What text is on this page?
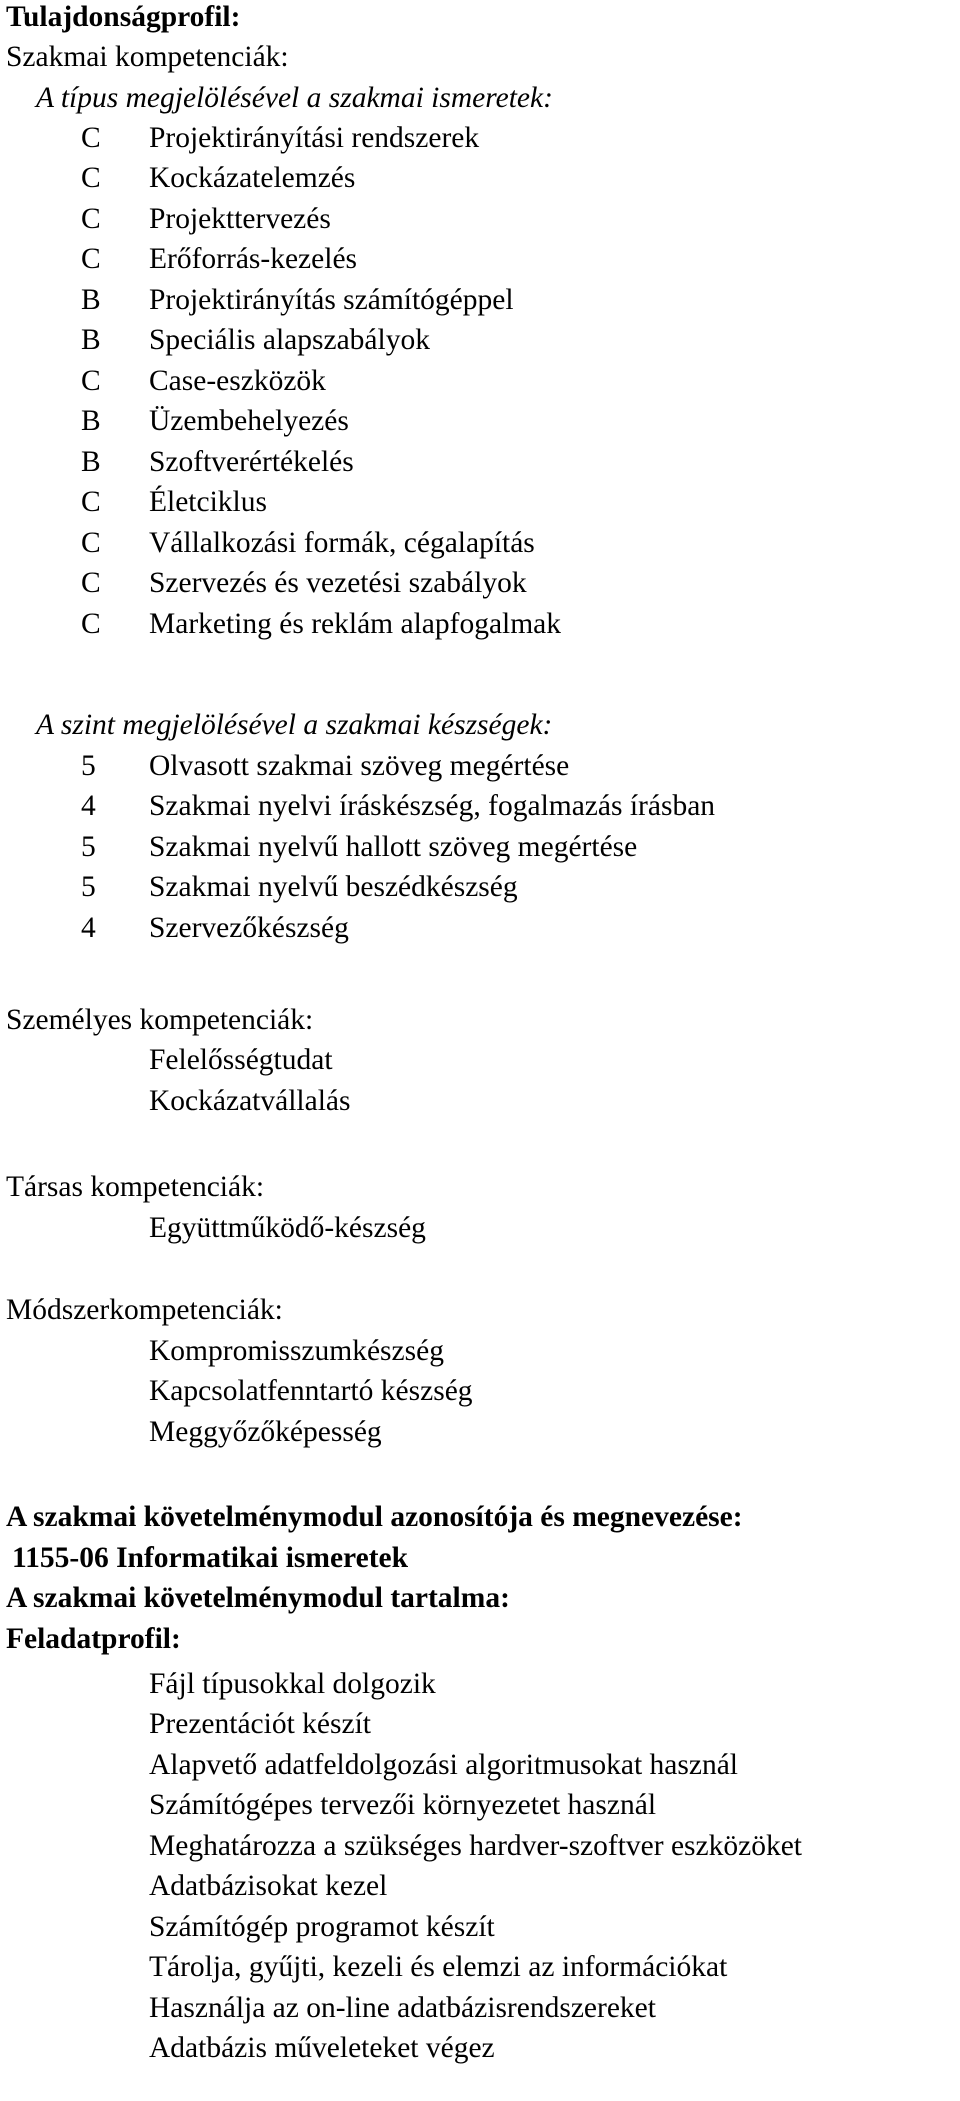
Tulajdonságprofil:
Szakmai kompetenciák:
A típus megjelölésével a szakmai ismeretek:
C	Projektirányítási rendszerek
C	Kockázatelemzés
C	Projekttervezés
C	Erőforrás-kezelés
B	Projektirányítás számítógéppel
B	Speciális alapszabályok
C	Case-eszközök
B	Üzembehelyezés
B	Szoftverértékelés
C	Életciklus
C	Vállalkozási formák, cégalapítás
C	Szervezés és vezetési szabályok
C	Marketing és reklám alapfogalmak
A szint megjelölésével a szakmai készségek:
5	Olvasott szakmai szöveg megértése
4	Szakmai nyelvi íráskészség, fogalmazás írásban
5	Szakmai nyelvű hallott szöveg megértése
5	Szakmai nyelvű beszédkészség
4	Szervezőkészség
Személyes kompetenciák:
Felelősségtudat
Kockázatvállalás
Társas kompetenciák:
Együttműködő-készség
Módszerkompetenciák:
Kompromisszumkészség
Kapcsolatfenntartó készség
Meggyőzőképesség
A szakmai követelménymodul azonosítója és megnevezése:
1155-06 Informatikai ismeretek
A szakmai követelménymodul tartalma:
Feladatprofil:
Fájl típusokkal dolgozik
Prezentációt készít
Alapvető adatfeldolgozási algoritmusokat használ
Számítógépes tervezői környezetet használ
Meghatározza a szükséges hardver-szoftver eszközöket
Adatbázisokat kezel
Számítógép programot készít
Tárolja, gyűjti, kezeli és elemzi az információkat
Használja az on-line adatbázisrendszereket
Adatbázis műveleteket végez
